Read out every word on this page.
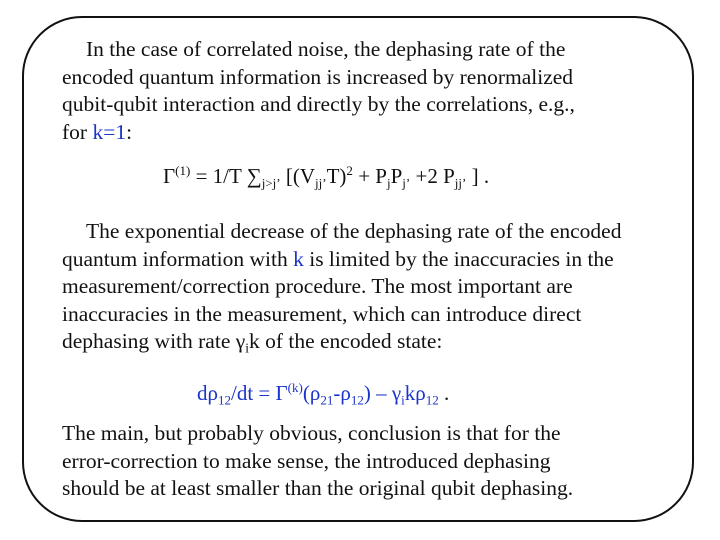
In the case of correlated noise, the dephasing rate of the
encoded quantum information is increased by renormalized
qubit-qubit interaction and directly by the correlations, e.g.,
for k=1:
$\Gamma^{(1)} = 1/T$ $\sum_{j>j’}$ [$(V_{jj’}T)^2 + P_jP_{j’} +2$ $P_{jj’}$ ] .
The exponential decrease of the dephasing rate of the encoded
quantum information with k is limited by the inaccuracies in the
measurement/correction procedure. The most important are
inaccuracies in the measurement, which can introduce direct
dephasing with rate $\gamma_ik$ of the encoded state:
$d\rho_{12}/dt = \Gamma^{(k)}(\rho_{21}-\rho_{12}) - \gamma_ik\rho_{12}$ .
The main, but probably obvious, conclusion is that for the
error-correction to make sense, the introduced dephasing
should be at least smaller than the original qubit dephasing.
